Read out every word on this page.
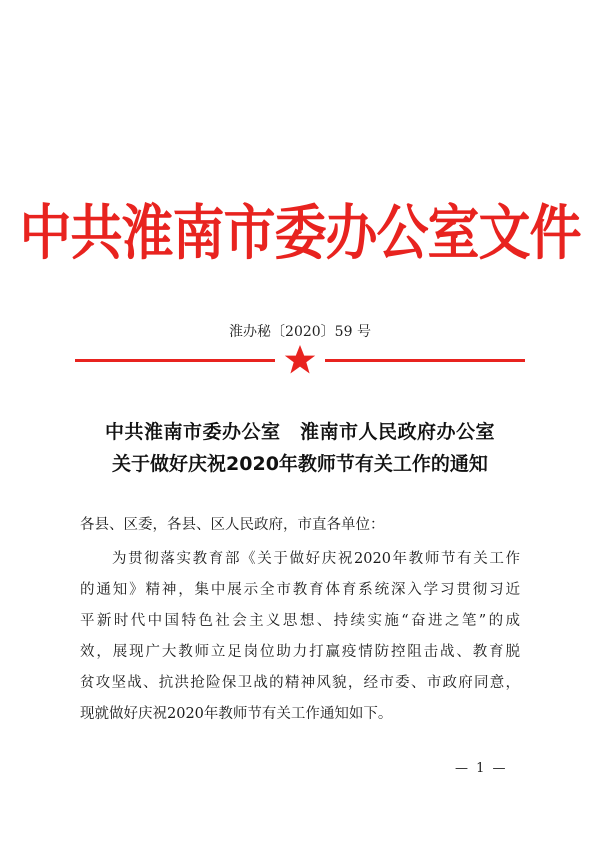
中共淮南市委办公室文件
淮办秘〔2020〕59 号
中共淮南市委办公室　淮南市人民政府办公室
关于做好庆祝2020年教师节有关工作的通知
各县、区委，各县、区人民政府，市直各单位：
为贯彻落实教育部《关于做好庆祝2020年教师节有关工作
的通知》精神，集中展示全市教育体育系统深入学习贯彻习近
平新时代中国特色社会主义思想、持续实施“奋进之笔”的成
效，展现广大教师立足岗位助力打赢疫情防控阻击战、教育脱
贫攻坚战、抗洪抢险保卫战的精神风貌，经市委、市政府同意，
现就做好庆祝2020年教师节有关工作通知如下。
— 1 —
